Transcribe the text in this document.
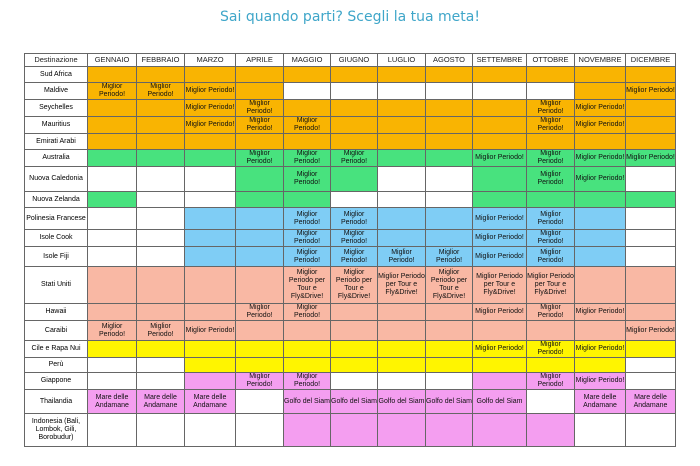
Sai quando parti? Scegli la tua meta!
Destinazione	GENNAIO	FEBBRAIO	MARZO	APRILE	MAGGIO	GIUGNO	LUGLIO	AGOSTO	SETTEMBRE	OTTOBRE	NOVEMBRE	DICEMBRE
Sud Africa												
Maldive	Miglior Periodo!	Miglior Periodo!	Miglior Periodo!									Miglior Periodo!
Seychelles			Miglior Periodo!	Miglior Periodo!						Miglior Periodo!	Miglior Periodo!	
Mauritius			Miglior Periodo!	Miglior Periodo!	Miglior Periodo!					Miglior Periodo!	Miglior Periodo!	
Emirati Arabi												
Australia				Miglior Periodo!	Miglior Periodo!	Miglior Periodo!			Miglior Periodo!	Miglior Periodo!	Miglior Periodo!	Miglior Periodo!
Nuova Caledonia					Miglior Periodo!					Miglior Periodo!	Miglior Periodo!	
Nuova Zelanda												
Polinesia Francese					Miglior Periodo!	Miglior Periodo!			Miglior Periodo!	Miglior Periodo!		
Isole Cook					Miglior Periodo!	Miglior Periodo!			Miglior Periodo!	Miglior Periodo!		
Isole Fiji					Miglior Periodo!	Miglior Periodo!	Miglior Periodo!	Miglior Periodo!	Miglior Periodo!	Miglior Periodo!		
Stati Uniti					Miglior Periodo per Tour e Fly&Drive!	Miglior Periodo per Tour e Fly&Drive!	Miglior Periodo per Tour e Fly&Drive!	Miglior Periodo per Tour e Fly&Drive!	Miglior Periodo per Tour e Fly&Drive!	Miglior Periodo per Tour e Fly&Drive!		
Hawaii				Miglior Periodo!	Miglior Periodo!				Miglior Periodo!	Miglior Periodo!	Miglior Periodo!	
Caraibi	Miglior Periodo!	Miglior Periodo!	Miglior Periodo!									Miglior Periodo!
Cile e Rapa Nui									Miglior Periodo!	Miglior Periodo!	Miglior Periodo!	
Perù												
Giappone				Miglior Periodo!	Miglior Periodo!					Miglior Periodo!	Miglior Periodo!	
Thailandia	Mare delle Andamane	Mare delle Andamane	Mare delle Andamane		Golfo del Siam	Golfo del Siam	Golfo del Siam	Golfo del Siam	Golfo del Siam		Mare delle Andamane	Mare delle Andamane
Indonesia (Bali, Lombok, Gili, Borobudur)												
